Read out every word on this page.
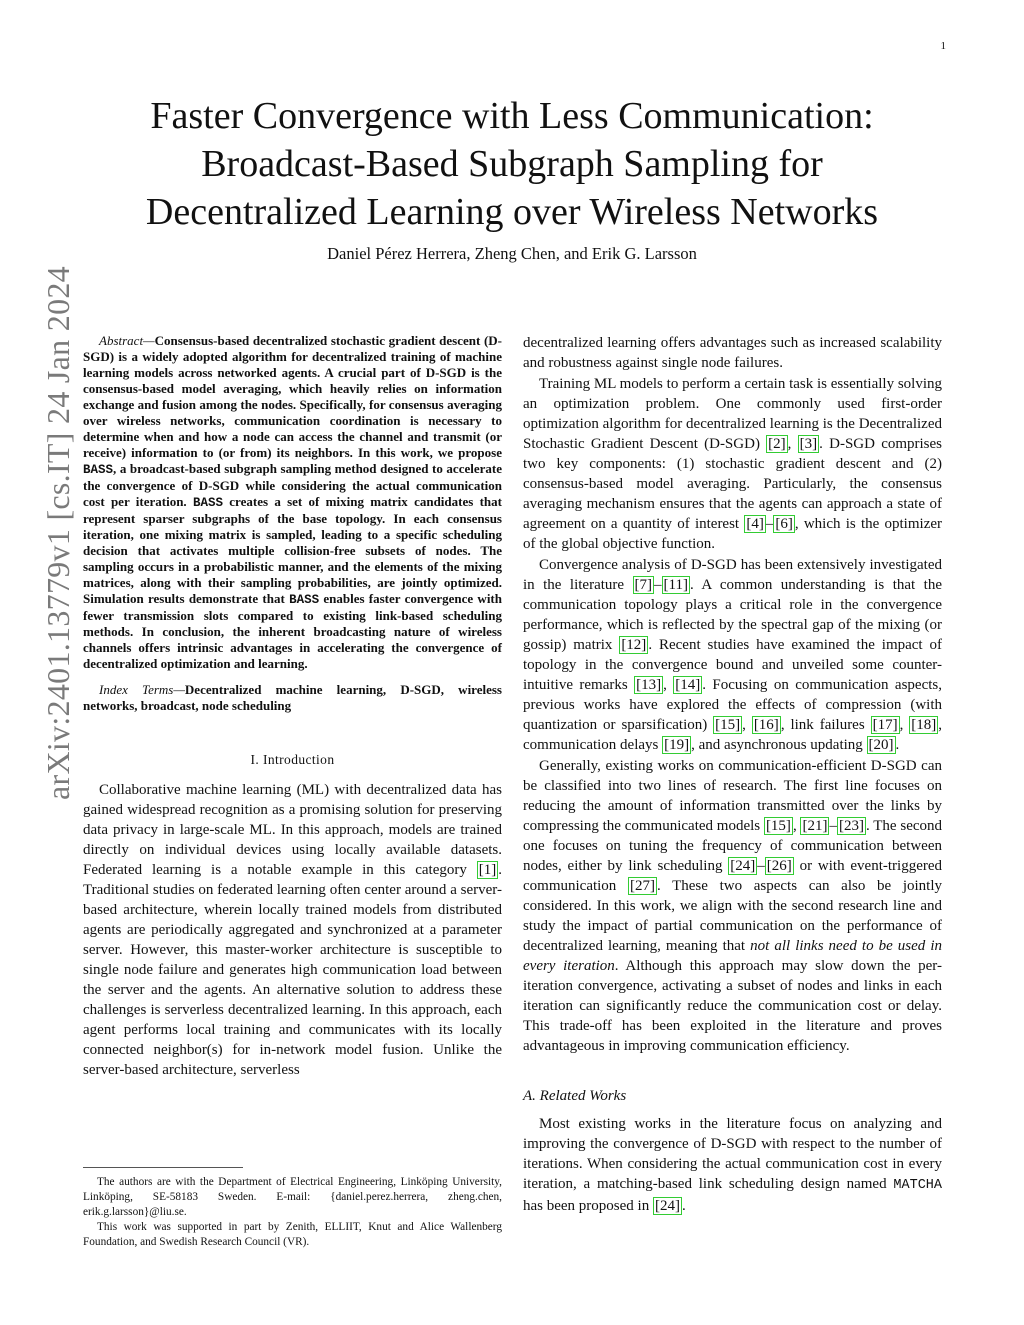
1
arXiv:2401.13779v1 [cs.IT] 24 Jan 2024
Faster Convergence with Less Communication:
Broadcast-Based Subgraph Sampling for
Decentralized Learning over Wireless Networks
Daniel Pérez Herrera, Zheng Chen, and Erik G. Larsson

Abstract—Consensus-based decentralized stochastic gradient descent (D-SGD) is a widely adopted algorithm for decentralized training of machine learning models across networked agents. A crucial part of D-SGD is the consensus-based model averaging, which heavily relies on information exchange and fusion among the nodes. Specifically, for consensus averaging over wireless networks, communication coordination is necessary to determine when and how a node can access the channel and transmit (or receive) information to (or from) its neighbors. In this work, we propose BASS, a broadcast-based subgraph sampling method designed to accelerate the convergence of D-SGD while considering the actual communication cost per iteration. BASS creates a set of mixing matrix candidates that represent sparser subgraphs of the base topology. In each consensus iteration, one mixing matrix is sampled, leading to a specific scheduling decision that activates multiple collision-free subsets of nodes. The sampling occurs in a probabilistic manner, and the elements of the mixing matrices, along with their sampling probabilities, are jointly optimized. Simulation results demonstrate that BASS enables faster convergence with fewer transmission slots compared to existing link-based scheduling methods. In conclusion, the inherent broadcasting nature of wireless channels offers intrinsic advantages in accelerating the convergence of decentralized optimization and learning.

Index Terms—Decentralized machine learning, D-SGD, wireless networks, broadcast, node scheduling

I. Introduction

Collaborative machine learning (ML) with decentralized data has gained widespread recognition as a promising solution for preserving data privacy in large-scale ML. In this approach, models are trained directly on individual devices using locally available datasets. Federated learning is a notable example in this category [1] . Traditional studies on federated learning often center around a server-based architecture, wherein locally trained models from distributed agents are periodically aggregated and synchronized at a parameter server. However, this master-worker architecture is susceptible to single node failure and generates high communication load between the server and the agents. An alternative solution to address these challenges is serverless decentralized learning. In this approach, each agent performs local training and communicates with its locally connected neighbor(s) for in-network model fusion. Unlike the server-based architecture, serverless

decentralized learning offers advantages such as increased scalability and robustness against single node failures.

Training ML models to perform a certain task is essentially solving an optimization problem. One commonly used first-order optimization algorithm for decentralized learning is the Decentralized Stochastic Gradient Descent (D-SGD) [2] , [3] . D-SGD comprises two key components: (1) stochastic gradient descent and (2) consensus-based model averaging. Particularly, the consensus averaging mechanism ensures that the agents can approach a state of agreement on a quantity of interest [4] – [6] , which is the optimizer of the global objective function.

Convergence analysis of D-SGD has been extensively investigated in the literature [7] – [11] . A common understanding is that the communication topology plays a critical role in the convergence performance, which is reflected by the spectral gap of the mixing (or gossip) matrix [12] . Recent studies have examined the impact of topology in the convergence bound and unveiled some counter-intuitive remarks [13] , [14] . Focusing on communication aspects, previous works have explored the effects of compression (with quantization or sparsification) [15] , [16] , link failures [17] , [18] , communication delays [19] , and asynchronous updating [20] .

Generally, existing works on communication-efficient D-SGD can be classified into two lines of research. The first line focuses on reducing the amount of information transmitted over the links by compressing the communicated models [15] , [21] – [23] . The second one focuses on tuning the frequency of communication between nodes, either by link scheduling [24] – [26] or with event-triggered communication [27] . These two aspects can also be jointly considered. In this work, we align with the second research line and study the impact of partial communication on the performance of decentralized learning, meaning that not all links need to be used in every iteration. Although this approach may slow down the per-iteration convergence, activating a subset of nodes and links in each iteration can significantly reduce the communication cost or delay. This trade-off has been exploited in the literature and proves advantageous in improving communication efficiency.

A. Related Works

Most existing works in the literature focus on analyzing and improving the convergence of D-SGD with respect to the number of iterations. When considering the actual communication cost in every iteration, a matching-based link scheduling design named MATCHA has been proposed in [24] .

The authors are with the Department of Electrical Engineering, Linköping University, Linköping, SE-58183 Sweden. E-mail: {daniel.perez.herrera, zheng.chen, erik.g.larsson}@liu.se.

This work was supported in part by Zenith, ELLIIT, Knut and Alice Wallenberg Foundation, and Swedish Research Council (VR).
